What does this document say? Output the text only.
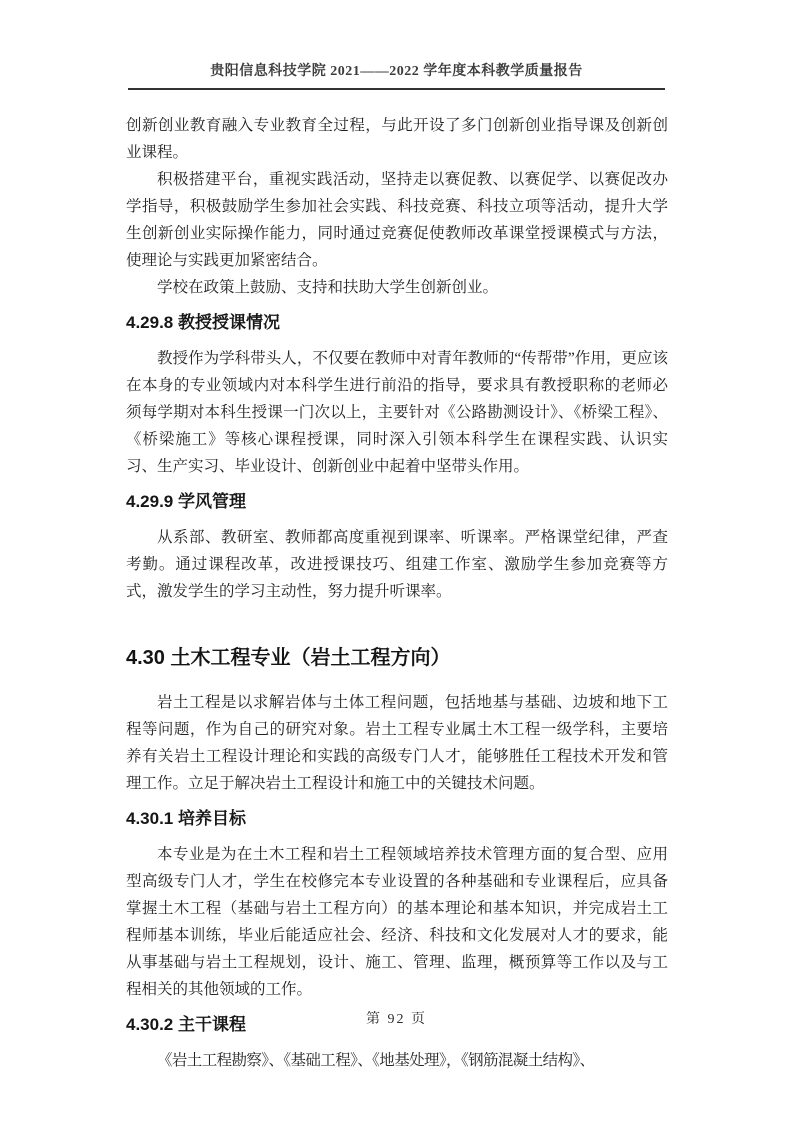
贵阳信息科技学院 2021——2022 学年度本科教学质量报告

创新创业教育融入专业教育全过程，与此开设了多门创新创业指导课及创新创业课程。

积极搭建平台，重视实践活动，坚持走以赛促教、以赛促学、以赛促改办学指导，积极鼓励学生参加社会实践、科技竞赛、科技立项等活动，提升大学生创新创业实际操作能力，同时通过竞赛促使教师改革课堂授课模式与方法，使理论与实践更加紧密结合。

学校在政策上鼓励、支持和扶助大学生创新创业。

4.29.8 教授授课情况

教授作为学科带头人，不仅要在教师中对青年教师的“传帮带”作用，更应该在本身的专业领域内对本科学生进行前沿的指导，要求具有教授职称的老师必须每学期对本科生授课一门次以上，主要针对《公路勘测设计》、《桥梁工程》、《桥梁施工》等核心课程授课，同时深入引领本科学生在课程实践、认识实习、生产实习、毕业设计、创新创业中起着中坚带头作用。

4.29.9 学风管理

从系部、教研室、教师都高度重视到课率、听课率。严格课堂纪律，严查考勤。通过课程改革，改进授课技巧、组建工作室、激励学生参加竞赛等方式，激发学生的学习主动性，努力提升听课率。

4.30 土木工程专业（岩土工程方向）

岩土工程是以求解岩体与土体工程问题，包括地基与基础、边坡和地下工程等问题，作为自己的研究对象。岩土工程专业属土木工程一级学科，主要培养有关岩土工程设计理论和实践的高级专门人才，能够胜任工程技术开发和管理工作。立足于解决岩土工程设计和施工中的关键技术问题。

4.30.1 培养目标

本专业是为在土木工程和岩土工程领域培养技术管理方面的复合型、应用型高级专门人才，学生在校修完本专业设置的各种基础和专业课程后，应具备掌握土木工程（基础与岩土工程方向）的基本理论和基本知识，并完成岩土工程师基本训练，毕业后能适应社会、经济、科技和文化发展对人才的要求，能从事基础与岩土工程规划，设计、施工、管理、监理，概预算等工作以及与工程相关的其他领域的工作。

4.30.2 主干课程

《岩土工程勘察》、《基础工程》、《地基处理》，《钢筋混凝土结构》、

第 92 页
